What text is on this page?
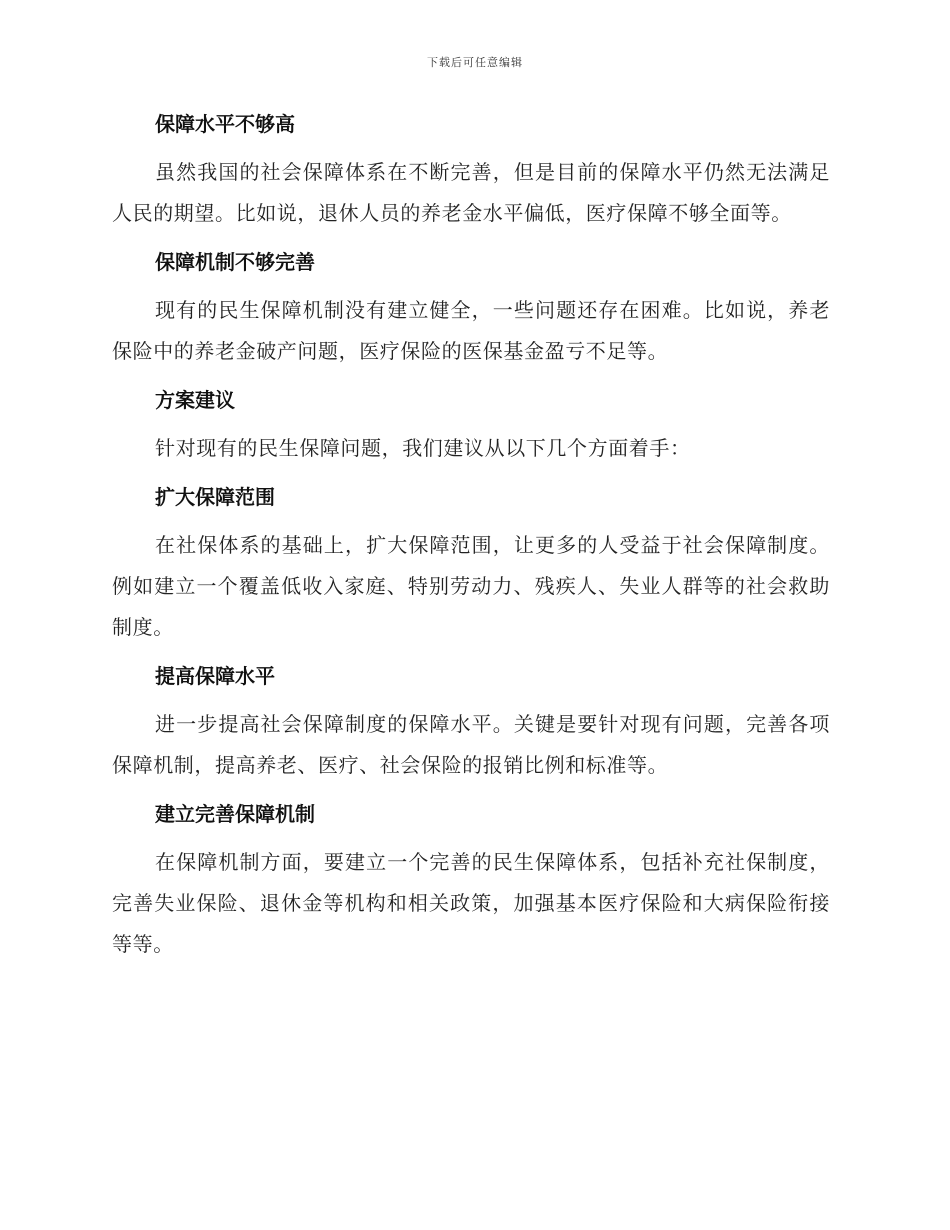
下载后可任意编辑
保障水平不够高

虽然我国的社会保障体系在不断完善，但是目前的保障水平仍然无法满足人民的期望。比如说，退休人员的养老金水平偏低，医疗保障不够全面等。

保障机制不够完善

现有的民生保障机制没有建立健全，一些问题还存在困难。比如说，养老保险中的养老金破产问题，医疗保险的医保基金盈亏不足等。

方案建议

针对现有的民生保障问题，我们建议从以下几个方面着手：

扩大保障范围

在社保体系的基础上，扩大保障范围，让更多的人受益于社会保障制度。例如建立一个覆盖低收入家庭、特别劳动力、残疾人、失业人群等的社会救助制度。

提高保障水平

进一步提高社会保障制度的保障水平。关键是要针对现有问题，完善各项保障机制，提高养老、医疗、社会保险的报销比例和标准等。

建立完善保障机制

在保障机制方面，要建立一个完善的民生保障体系，包括补充社保制度，完善失业保险、退休金等机构和相关政策，加强基本医疗保险和大病保险衔接等等。
